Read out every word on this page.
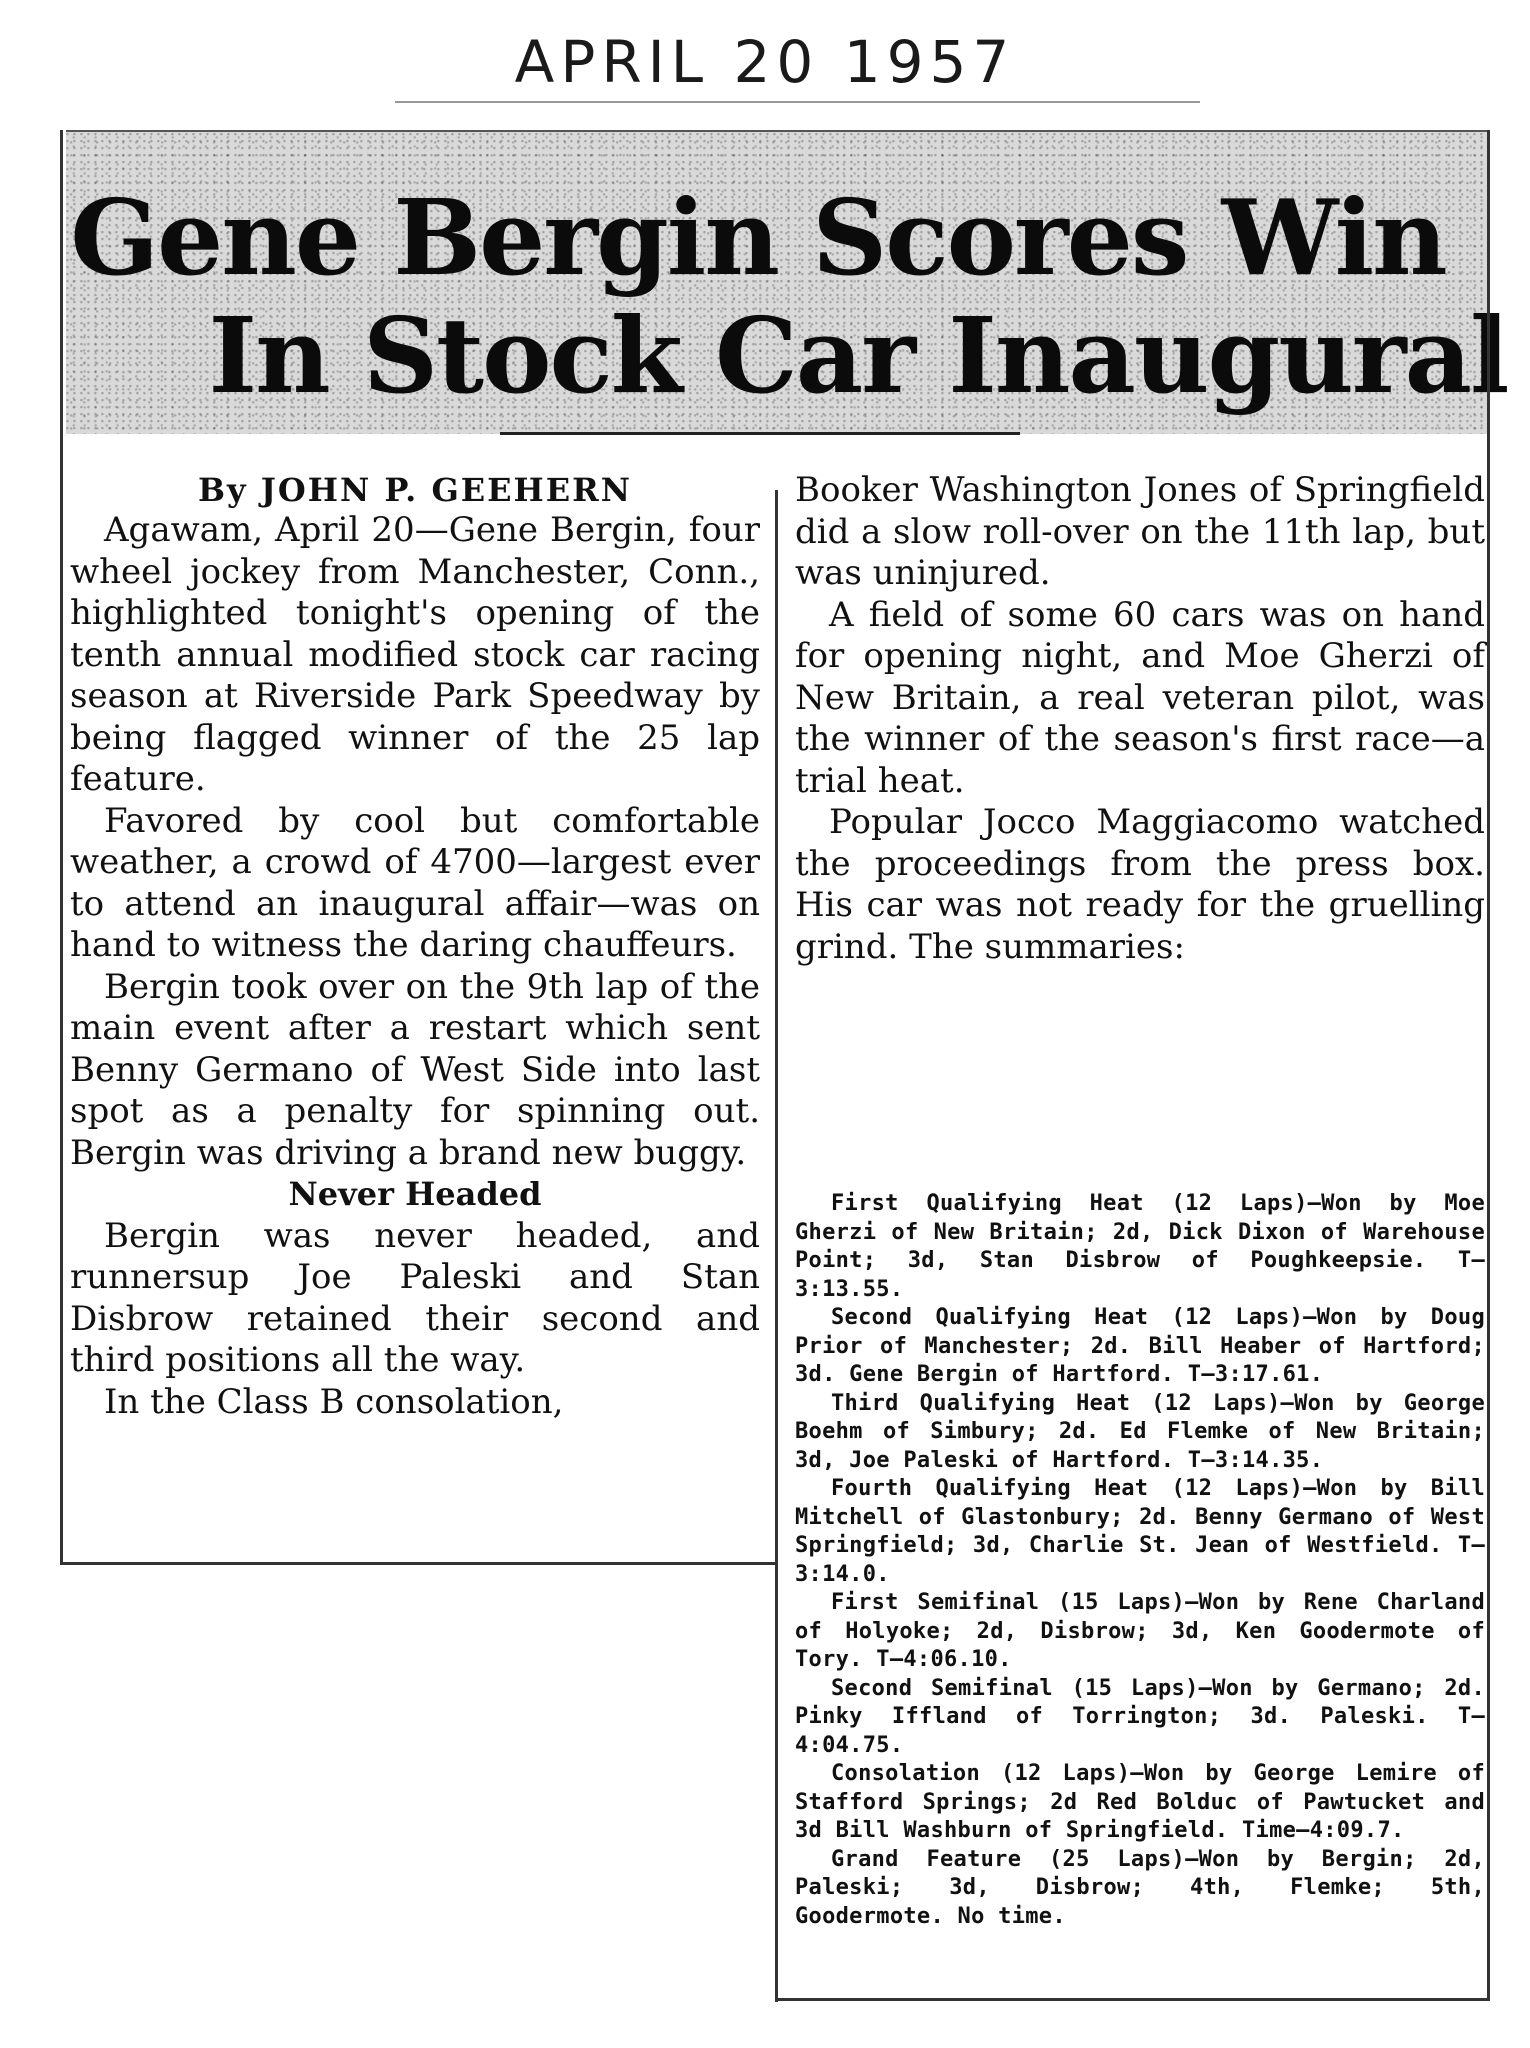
APRIL 20 1957
Gene Bergin Scores Win
In Stock Car Inaugural
By JOHN P. GEEHERN

Agawam, April 20—Gene Bergin, four wheel jockey from Manchester, Conn., highlighted tonight's opening of the tenth annual modified stock car racing season at Riverside Park Speedway by being flagged winner of the 25 lap feature.

Favored by cool but comfortable weather, a crowd of 4700—largest ever to attend an inaugural affair—was on hand to witness the daring chauffeurs.

Bergin took over on the 9th lap of the main event after a restart which sent Benny Germano of West Side into last spot as a penalty for spinning out. Bergin was driving a brand new buggy.

Never Headed

Bergin was never headed, and runnersup Joe Paleski and Stan Disbrow retained their second and third positions all the way.

In the Class B consolation,

Booker Washington Jones of Springfield did a slow roll-over on the 11th lap, but was uninjured.

A field of some 60 cars was on hand for opening night, and Moe Gherzi of New Britain, a real veteran pilot, was the winner of the season's first race—a trial heat.

Popular Jocco Maggiacomo watched the proceedings from the press box. His car was not ready for the gruelling grind. The summaries:

First Qualifying Heat (12 Laps)—Won by Moe Gherzi of New Britain; 2d, Dick Dixon of Warehouse Point; 3d, Stan Disbrow of Poughkeepsie. T—3:13.55.

Second Qualifying Heat (12 Laps)—Won by Doug Prior of Manchester; 2d. Bill Heaber of Hartford; 3d. Gene Bergin of Hartford. T—3:17.61.

Third Qualifying Heat (12 Laps)—Won by George Boehm of Simbury; 2d. Ed Flemke of New Britain; 3d, Joe Paleski of Hartford. T—3:14.35.

Fourth Qualifying Heat (12 Laps)—Won by Bill Mitchell of Glastonbury; 2d. Benny Germano of West Springfield; 3d, Charlie St. Jean of Westfield. T—3:14.0.

First Semifinal (15 Laps)—Won by Rene Charland of Holyoke; 2d, Disbrow; 3d, Ken Goodermote of Tory. T—4:06.10.

Second Semifinal (15 Laps)—Won by Germano; 2d. Pinky Iffland of Torrington; 3d. Paleski. T—4:04.75.

Consolation (12 Laps)—Won by George Lemire of Stafford Springs; 2d Red Bolduc of Pawtucket and 3d Bill Washburn of Springfield. Time—4:09.7.

Grand Feature (25 Laps)—Won by Bergin; 2d, Paleski; 3d, Disbrow; 4th, Flemke; 5th, Goodermote. No time.
